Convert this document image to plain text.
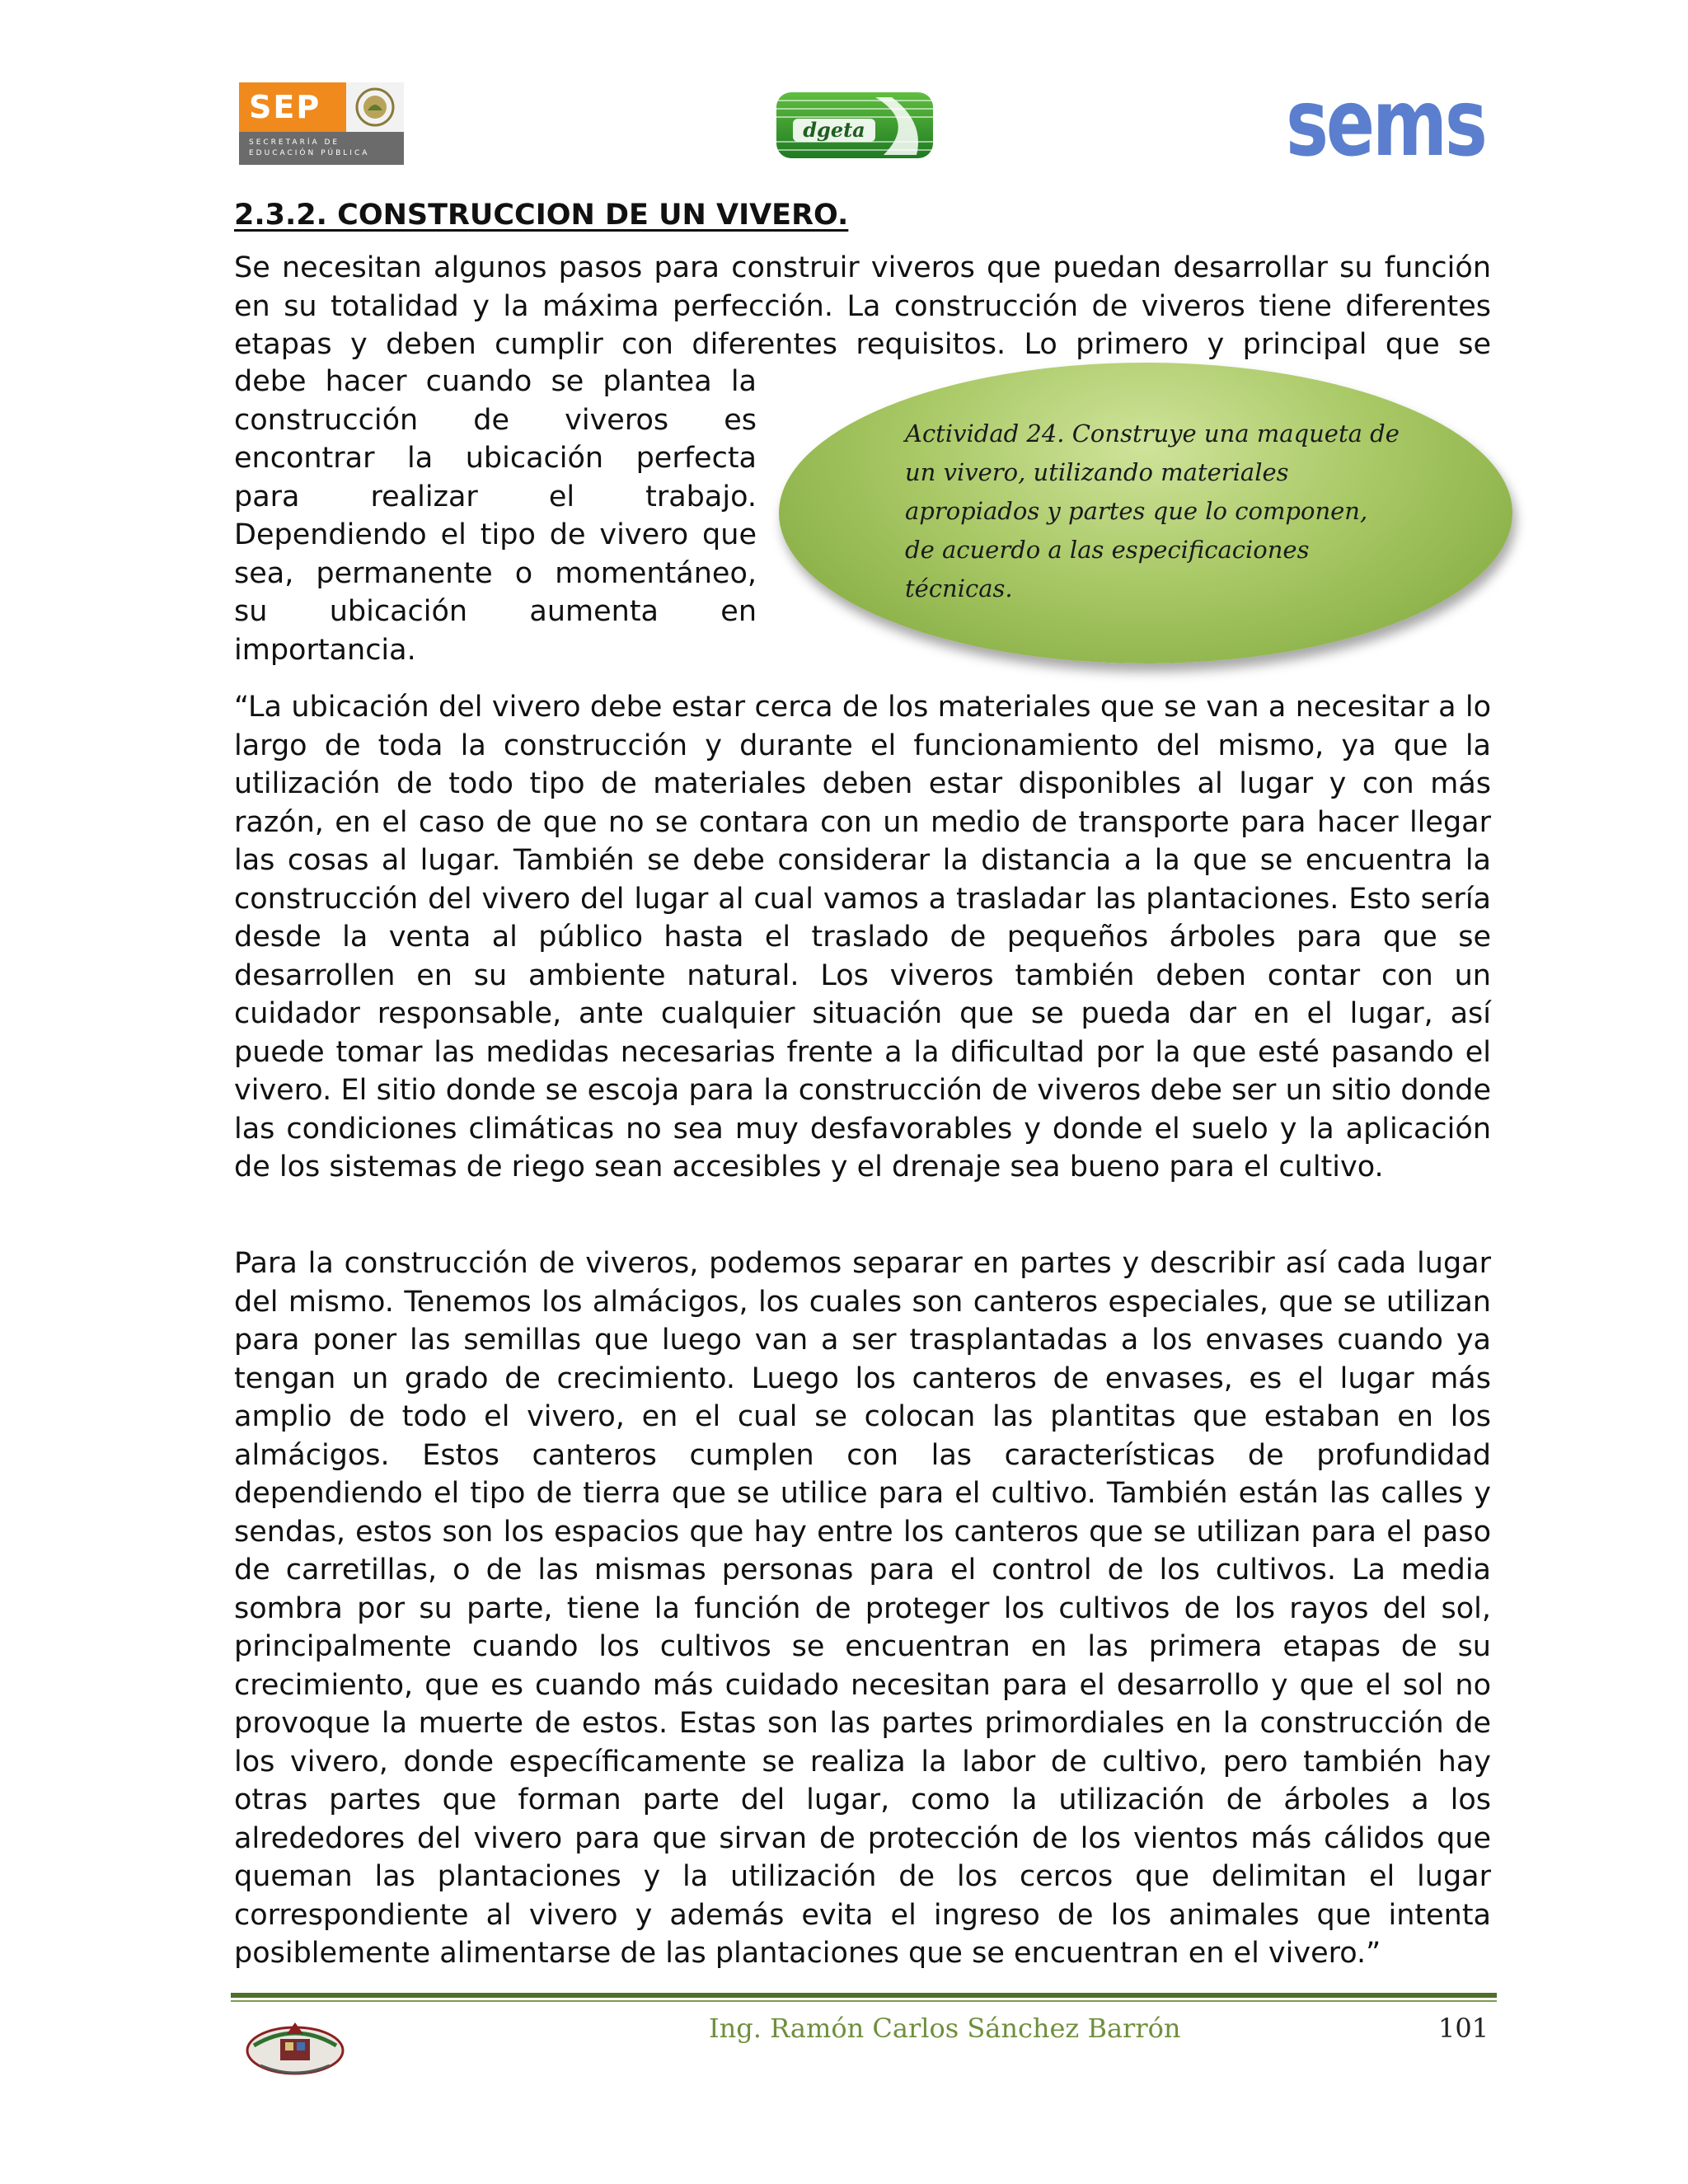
SEP
SECRETARÍA DE EDUCACIÓN PÚBLICA
dgeta	sems
2.3.2. CONSTRUCCION DE UN VIVERO.

Se necesitan algunos pasos para construir viveros que puedan desarrollar su función en su totalidad y la máxima perfección. La construcción de viveros tiene diferentes etapas y deben cumplir con diferentes requisitos. Lo primero y principal que se

debe hacer cuando se plantea la construcción de viveros es encontrar la ubicación perfecta para realizar el trabajo. Dependiendo el tipo de vivero que sea, permanente o momentáneo, su ubicación aumenta en importancia.

Actividad 24. Construye una maqueta de un vivero, utilizando materiales apropiados y partes que lo componen, de acuerdo a las especificaciones técnicas.

“La ubicación del vivero debe estar cerca de los materiales que se van a necesitar a lo largo de toda la construcción y durante el funcionamiento del mismo, ya que la utilización de todo tipo de materiales deben estar disponibles al lugar y con más razón, en el caso de que no se contara con un medio de transporte para hacer llegar las cosas al lugar. También se debe considerar la distancia a la que se encuentra la construcción del vivero del lugar al cual vamos a trasladar las plantaciones. Esto sería desde la venta al público hasta el traslado de pequeños árboles para que se desarrollen en su ambiente natural. Los viveros también deben contar con un cuidador responsable, ante cualquier situación que se pueda dar en el lugar, así puede tomar las medidas necesarias frente a la dificultad por la que esté pasando el vivero. El sitio donde se escoja para la construcción de viveros debe ser un sitio donde las condiciones climáticas no sea muy desfavorables y donde el suelo y la aplicación de los sistemas de riego sean accesibles y el drenaje sea bueno para el cultivo.

Para la construcción de viveros, podemos separar en partes y describir así cada lugar del mismo. Tenemos los almácigos, los cuales son canteros especiales, que se utilizan para poner las semillas que luego van a ser trasplantadas a los envases cuando ya tengan un grado de crecimiento. Luego los canteros de envases, es el lugar más amplio de todo el vivero, en el cual se colocan las plantitas que estaban en los almácigos. Estos canteros cumplen con las características de profundidad dependiendo el tipo de tierra que se utilice para el cultivo. También están las calles y sendas, estos son los espacios que hay entre los canteros que se utilizan para el paso de carretillas, o de las mismas personas para el control de los cultivos. La media sombra por su parte, tiene la función de proteger los cultivos de los rayos del sol, principalmente cuando los cultivos se encuentran en las primera etapas de su crecimiento, que es cuando más cuidado necesitan para el desarrollo y que el sol no provoque la muerte de estos. Estas son las partes primordiales en la construcción de los vivero, donde específicamente se realiza la labor de cultivo, pero también hay otras partes que forman parte del lugar, como la utilización de árboles a los alrededores del vivero para que sirvan de protección de los vientos más cálidos que queman las plantaciones y la utilización de los cercos que delimitan el lugar correspondiente al vivero y además evita el ingreso de los animales que intenta posiblemente alimentarse de las plantaciones que se encuentran en el vivero.”

Ing. Ramón Carlos Sánchez Barrón	101
